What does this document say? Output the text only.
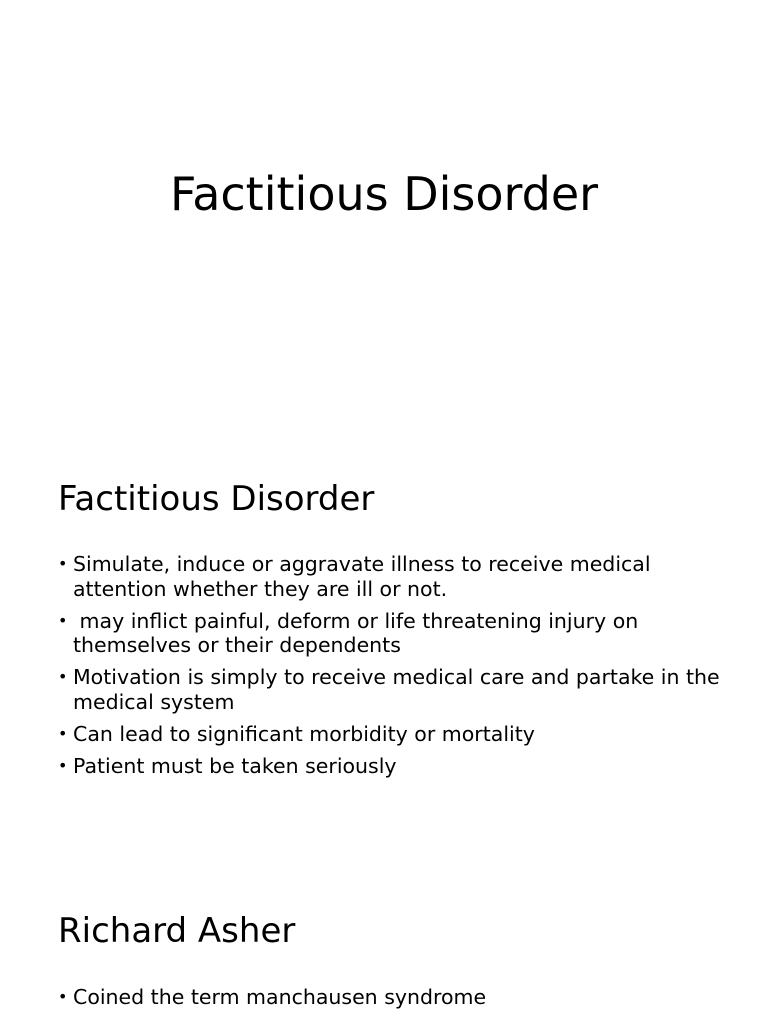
Factitious Disorder
Factitious Disorder
• Simulate, induce or aggravate illness to receive medical attention whether they are ill or not.
• may inflict painful, deform or life threatening injury on themselves or their dependents
• Motivation is simply to receive medical care and partake in the medical system
• Can lead to significant morbidity or mortality
• Patient must be taken seriously
Richard Asher
• Coined the term manchausen syndrome
